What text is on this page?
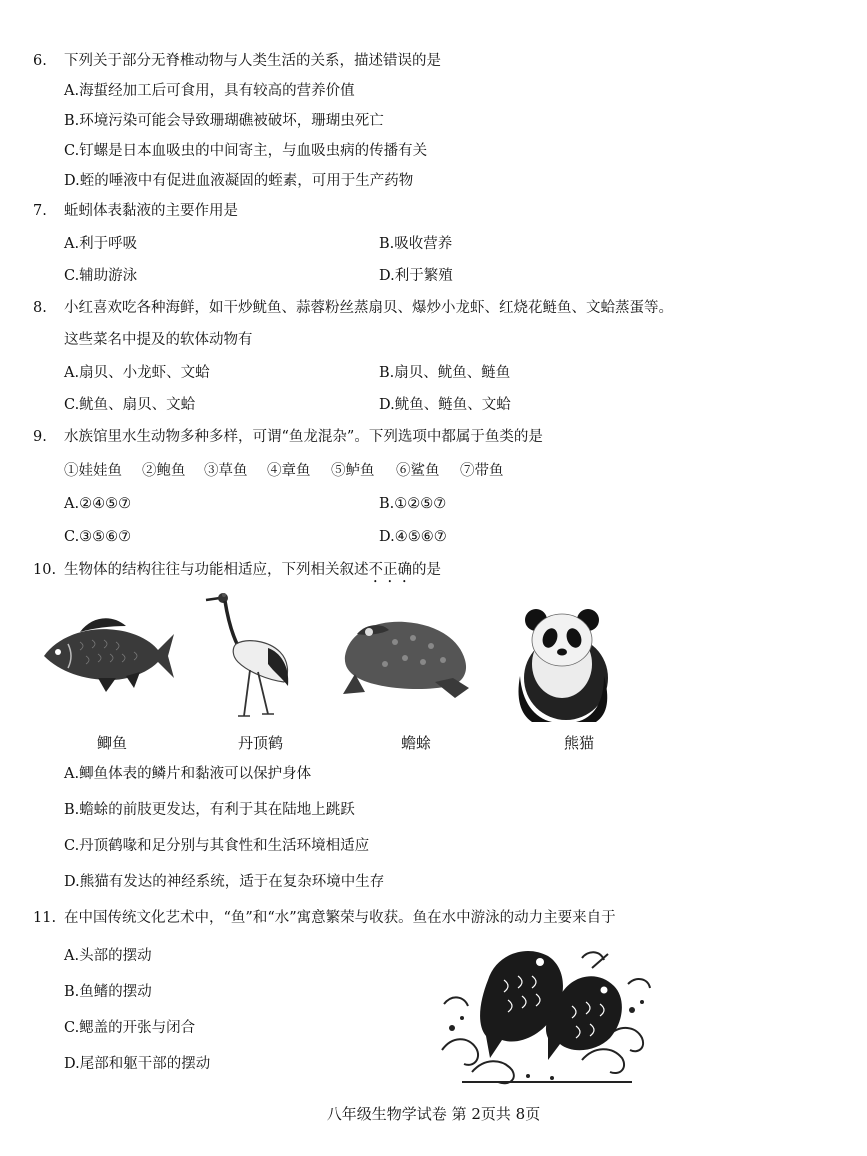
6. 下列关于部分无脊椎动物与人类生活的关系，描述错误的是
A.海蜇经加工后可食用，具有较高的营养价值
B.环境污染可能会导致珊瑚礁被破坏，珊瑚虫死亡
C.钉螺是日本血吸虫的中间寄主，与血吸虫病的传播有关
D.蛭的唾液中有促进血液凝固的蛭素，可用于生产药物
7. 蚯蚓体表黏液的主要作用是
A.利于呼吸	B.吸收营养
C.辅助游泳	D.利于繁殖
8. 小红喜欢吃各种海鲜，如干炒鱿鱼、蒜蓉粉丝蒸扇贝、爆炒小龙虾、红烧花鲢鱼、文蛤蒸蛋等。
这些菜名中提及的软体动物有
A.扇贝、小龙虾、文蛤	B.扇贝、鱿鱼、鲢鱼
C.鱿鱼、扇贝、文蛤	D.鱿鱼、鲢鱼、文蛤
9. 水族馆里水生动物多种多样，可谓“鱼龙混杂”。下列选项中都属于鱼类的是
①娃娃鱼 ②鲍鱼 ③草鱼 ④章鱼 ⑤鲈鱼 ⑥鲨鱼 ⑦带鱼
A.②④⑤⑦	B.①②⑤⑦
C.③⑤⑥⑦	D.④⑤⑥⑦
10. 生物体的结构往往与功能相适应，下列相关叙述不正确的是
鲫鱼	丹顶鹤	蟾蜍	熊猫
A.鲫鱼体表的鳞片和黏液可以保护身体
B.蟾蜍的前肢更发达，有利于其在陆地上跳跃
C.丹顶鹤喙和足分别与其食性和生活环境相适应
D.熊猫有发达的神经系统，适于在复杂环境中生存
11. 在中国传统文化艺术中，“鱼”和“水”寓意繁荣与收获。鱼在水中游泳的动力主要来自于
A.头部的摆动
B.鱼鳍的摆动
C.鳃盖的开张与闭合
D.尾部和躯干部的摆动
八年级生物学试卷 第 2页共 8页
